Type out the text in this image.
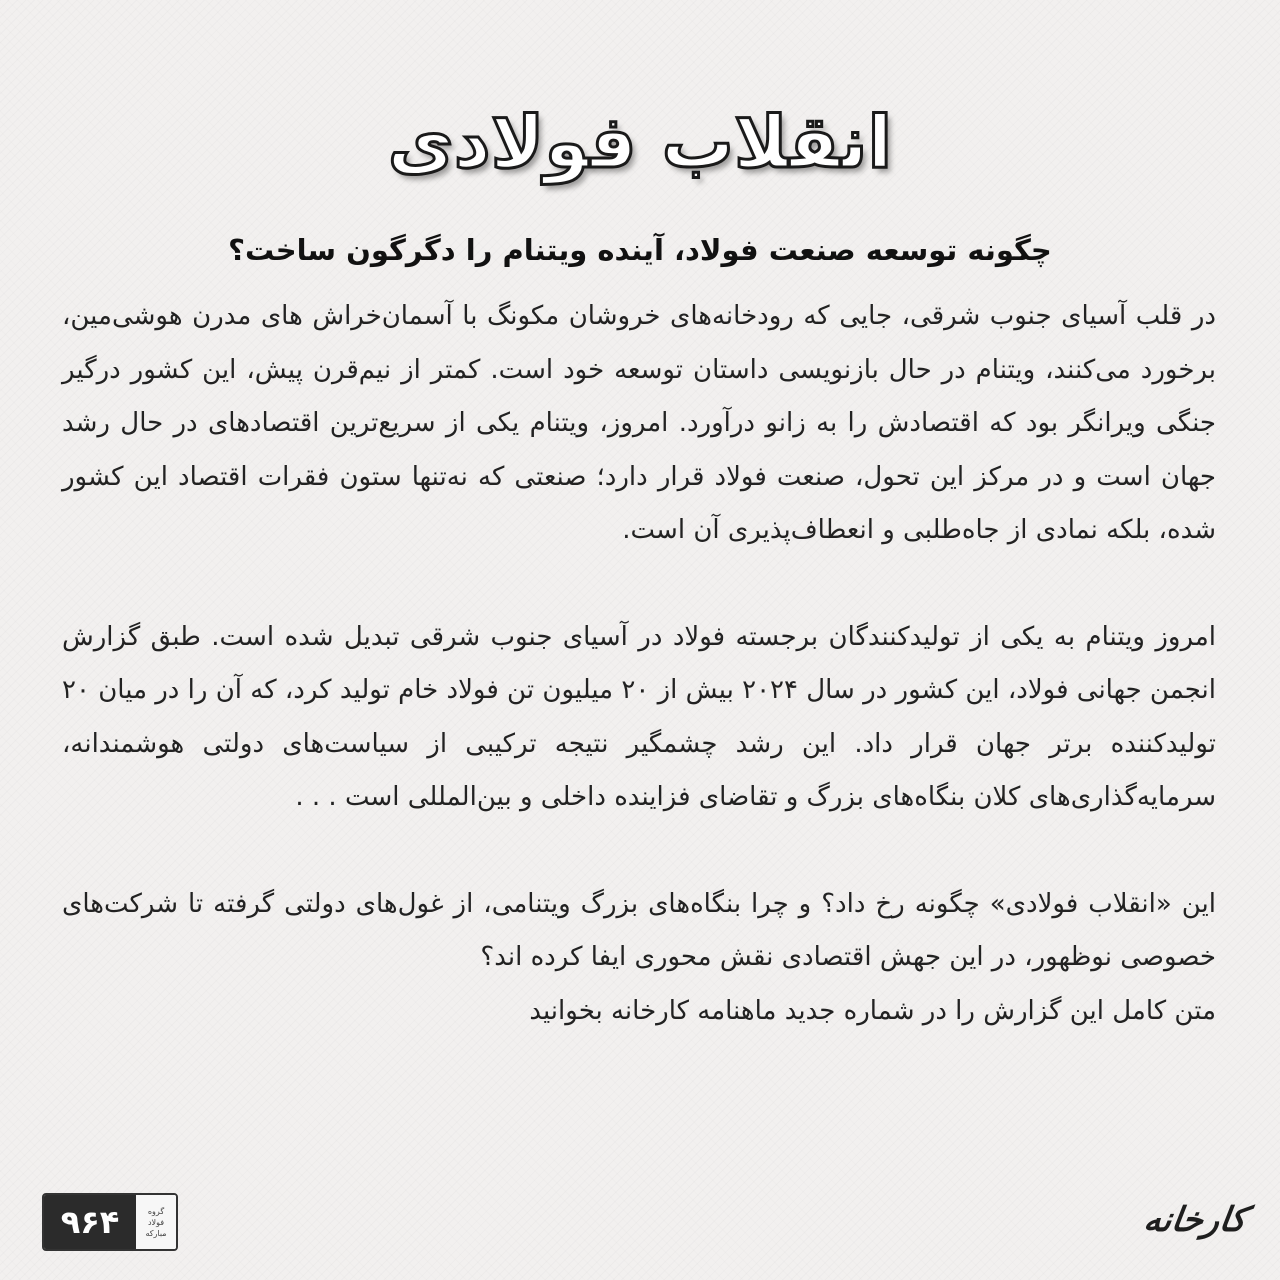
انقلاب فولادی
چگونه توسعه صنعت فولاد، آینده ویتنام را دگرگون ساخت؟

در قلب آسیای جنوب شرقی، جایی که رودخانه‌های خروشان مکونگ با آسمان‌خراش های مدرن هوشی‌مین، برخورد می‌کنند، ویتنام در حال بازنویسی داستان توسعه خود است. کمتر از نیم‌قرن پیش، این کشور درگیر جنگی ویرانگر بود که اقتصادش را به زانو درآورد. امروز، ویتنام یکی از سریع‌ترین اقتصادهای در حال رشد جهان است و در مرکز این تحول، صنعت فولاد قرار دارد؛ صنعتی که نه‌تنها ستون فقرات اقتصاد این کشور شده، بلکه نمادی از جاه‌طلبی و انعطاف‌پذیری آن است.

امروز ویتنام به یکی از تولیدکنندگان برجسته فولاد در آسیای جنوب شرقی تبدیل شده است. طبق گزارش انجمن جهانی فولاد، این کشور در سال ۲۰۲۴ بیش از ۲۰ میلیون تن فولاد خام تولید کرد، که آن را در میان ۲۰ تولیدکننده برتر جهان قرار داد. این رشد چشمگیر نتیجه ترکیبی از سیاست‌های دولتی هوشمندانه، سرمایه‌گذاری‌های کلان بنگاه‌های بزرگ و تقاضای فزاینده داخلی و بین‌المللی است . . .

این «انقلاب فولادی» چگونه رخ داد؟ و چرا بنگاه‌های بزرگ ویتنامی، از غول‌های دولتی گرفته تا شرکت‌های خصوصی نوظهور، در این جهش اقتصادی نقش محوری ایفا کرده اند؟

متن کامل این گزارش را در شماره جدید ماهنامه کارخانه بخوانید

۹۶۴	گروه
فولاد
مبارکه	کارخانه
